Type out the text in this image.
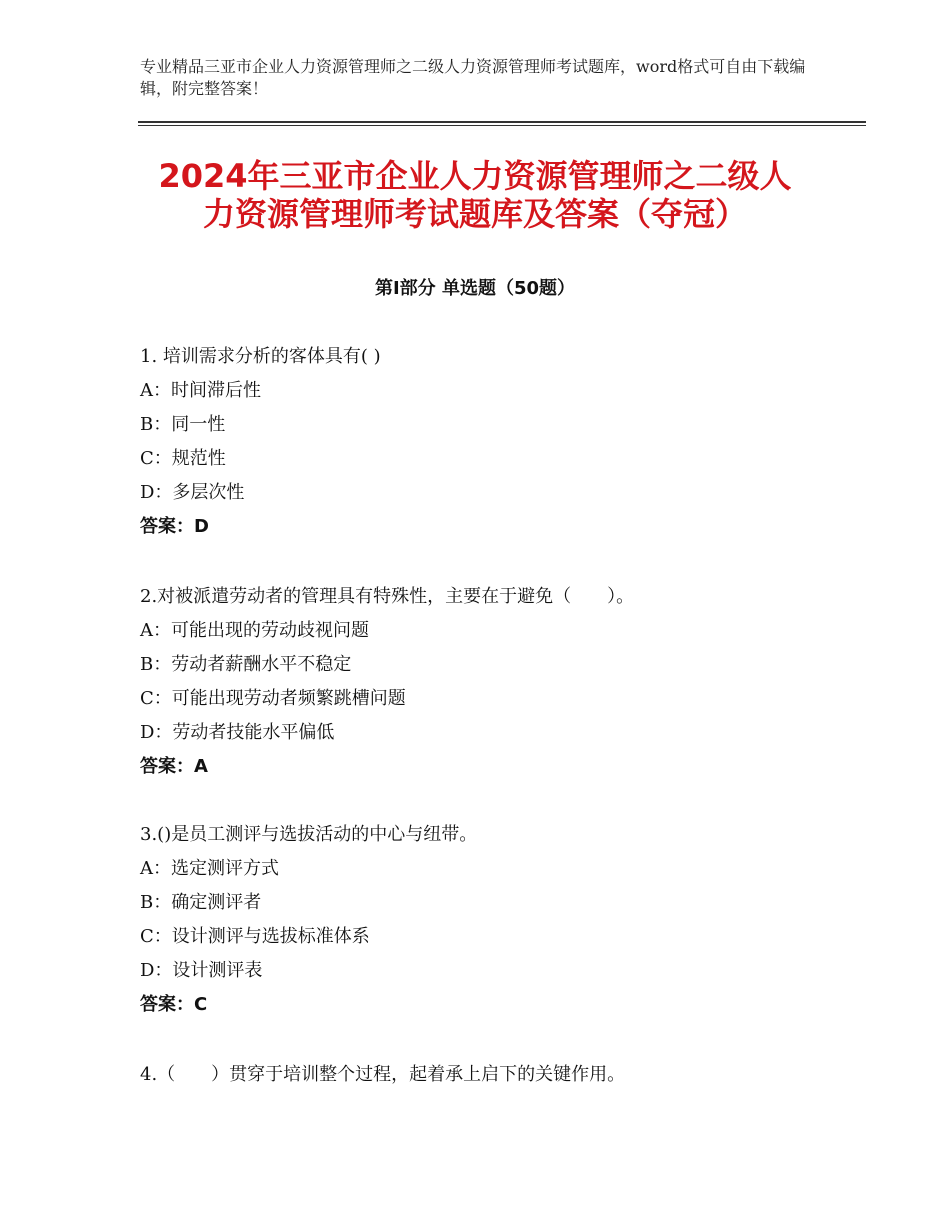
专业精品三亚市企业人力资源管理师之二级人力资源管理师考试题库，word格式可自由下载编辑，附完整答案！
2024年三亚市企业人力资源管理师之二级人
力资源管理师考试题库及答案（夺冠）
第Ⅰ部分 单选题（50题）
1. 培训需求分析的客体具有( )
A：时间滞后性
B：同一性
C：规范性
D：多层次性
答案：D
2.对被派遣劳动者的管理具有特殊性，主要在于避免（　　）。
A：可能出现的劳动歧视问题
B：劳动者薪酬水平不稳定
C：可能出现劳动者频繁跳槽问题
D：劳动者技能水平偏低
答案：A
3.()是员工测评与选拔活动的中心与纽带。
A：选定测评方式
B：确定测评者
C：设计测评与选拔标准体系
D：设计测评表
答案：C
4.（　　）贯穿于培训整个过程，起着承上启下的关键作用。
